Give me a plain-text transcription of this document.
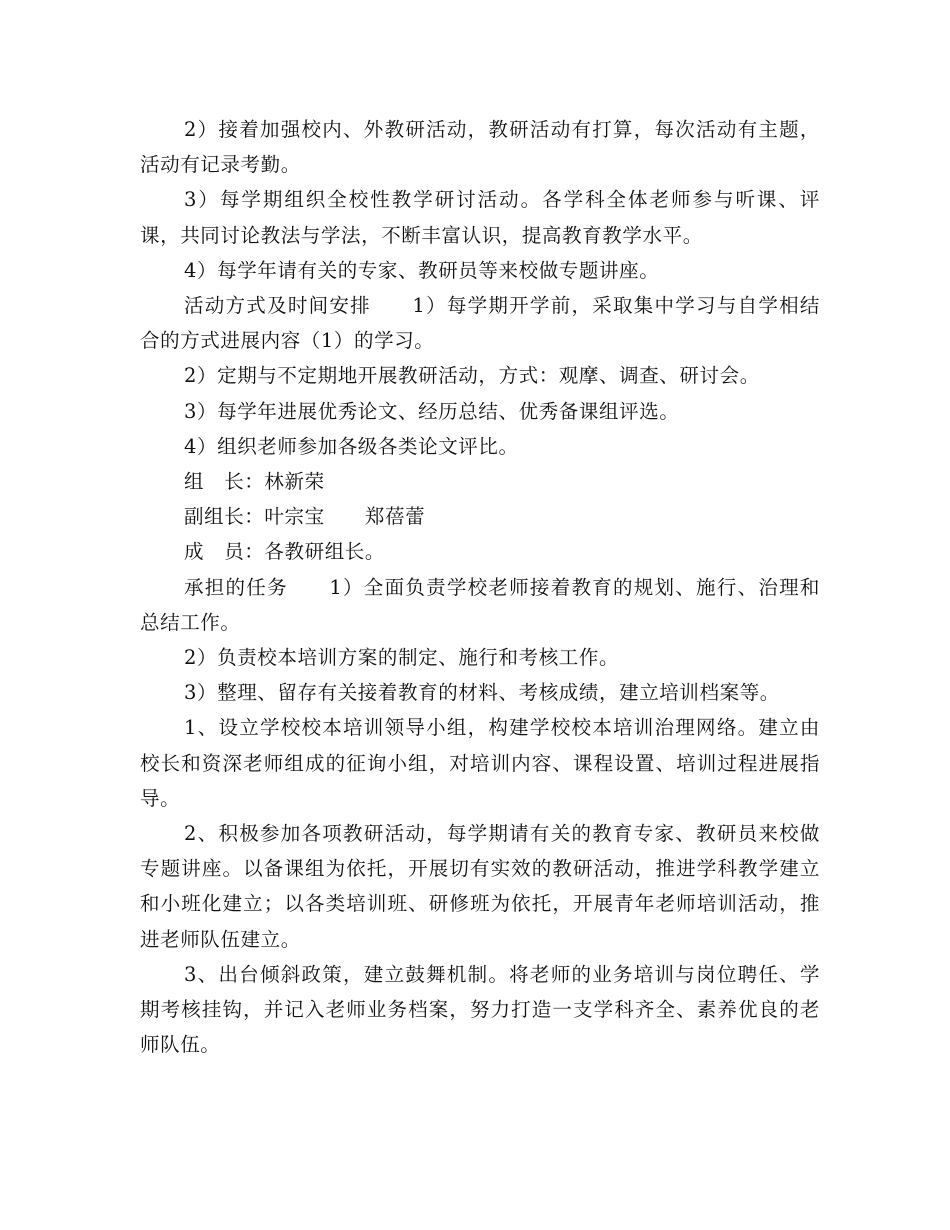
2）接着加强校内、外教研活动，教研活动有打算，每次活动有主题，活动有记录考勤。

3）每学期组织全校性教学研讨活动。各学科全体老师参与听课、评课，共同讨论教法与学法，不断丰富认识，提高教育教学水平。

4）每学年请有关的专家、教研员等来校做专题讲座。

活动方式及时间安排　　1）每学期开学前，采取集中学习与自学相结合的方式进展内容（1）的学习。

2）定期与不定期地开展教研活动，方式：观摩、调查、研讨会。

3）每学年进展优秀论文、经历总结、优秀备课组评选。

4）组织老师参加各级各类论文评比。

组　长：林新荣

副组长：叶宗宝　　郑蓓蕾

成　员：各教研组长。

承担的任务　　1）全面负责学校老师接着教育的规划、施行、治理和总结工作。

2）负责校本培训方案的制定、施行和考核工作。

3）整理、留存有关接着教育的材料、考核成绩，建立培训档案等。

1、设立学校校本培训领导小组，构建学校校本培训治理网络。建立由校长和资深老师组成的征询小组，对培训内容、课程设置、培训过程进展指导。

2、积极参加各项教研活动，每学期请有关的教育专家、教研员来校做专题讲座。以备课组为依托，开展切有实效的教研活动，推进学科教学建立和小班化建立；以各类培训班、研修班为依托，开展青年老师培训活动，推进老师队伍建立。

3、出台倾斜政策，建立鼓舞机制。将老师的业务培训与岗位聘任、学期考核挂钩，并记入老师业务档案，努力打造一支学科齐全、素养优良的老师队伍。
